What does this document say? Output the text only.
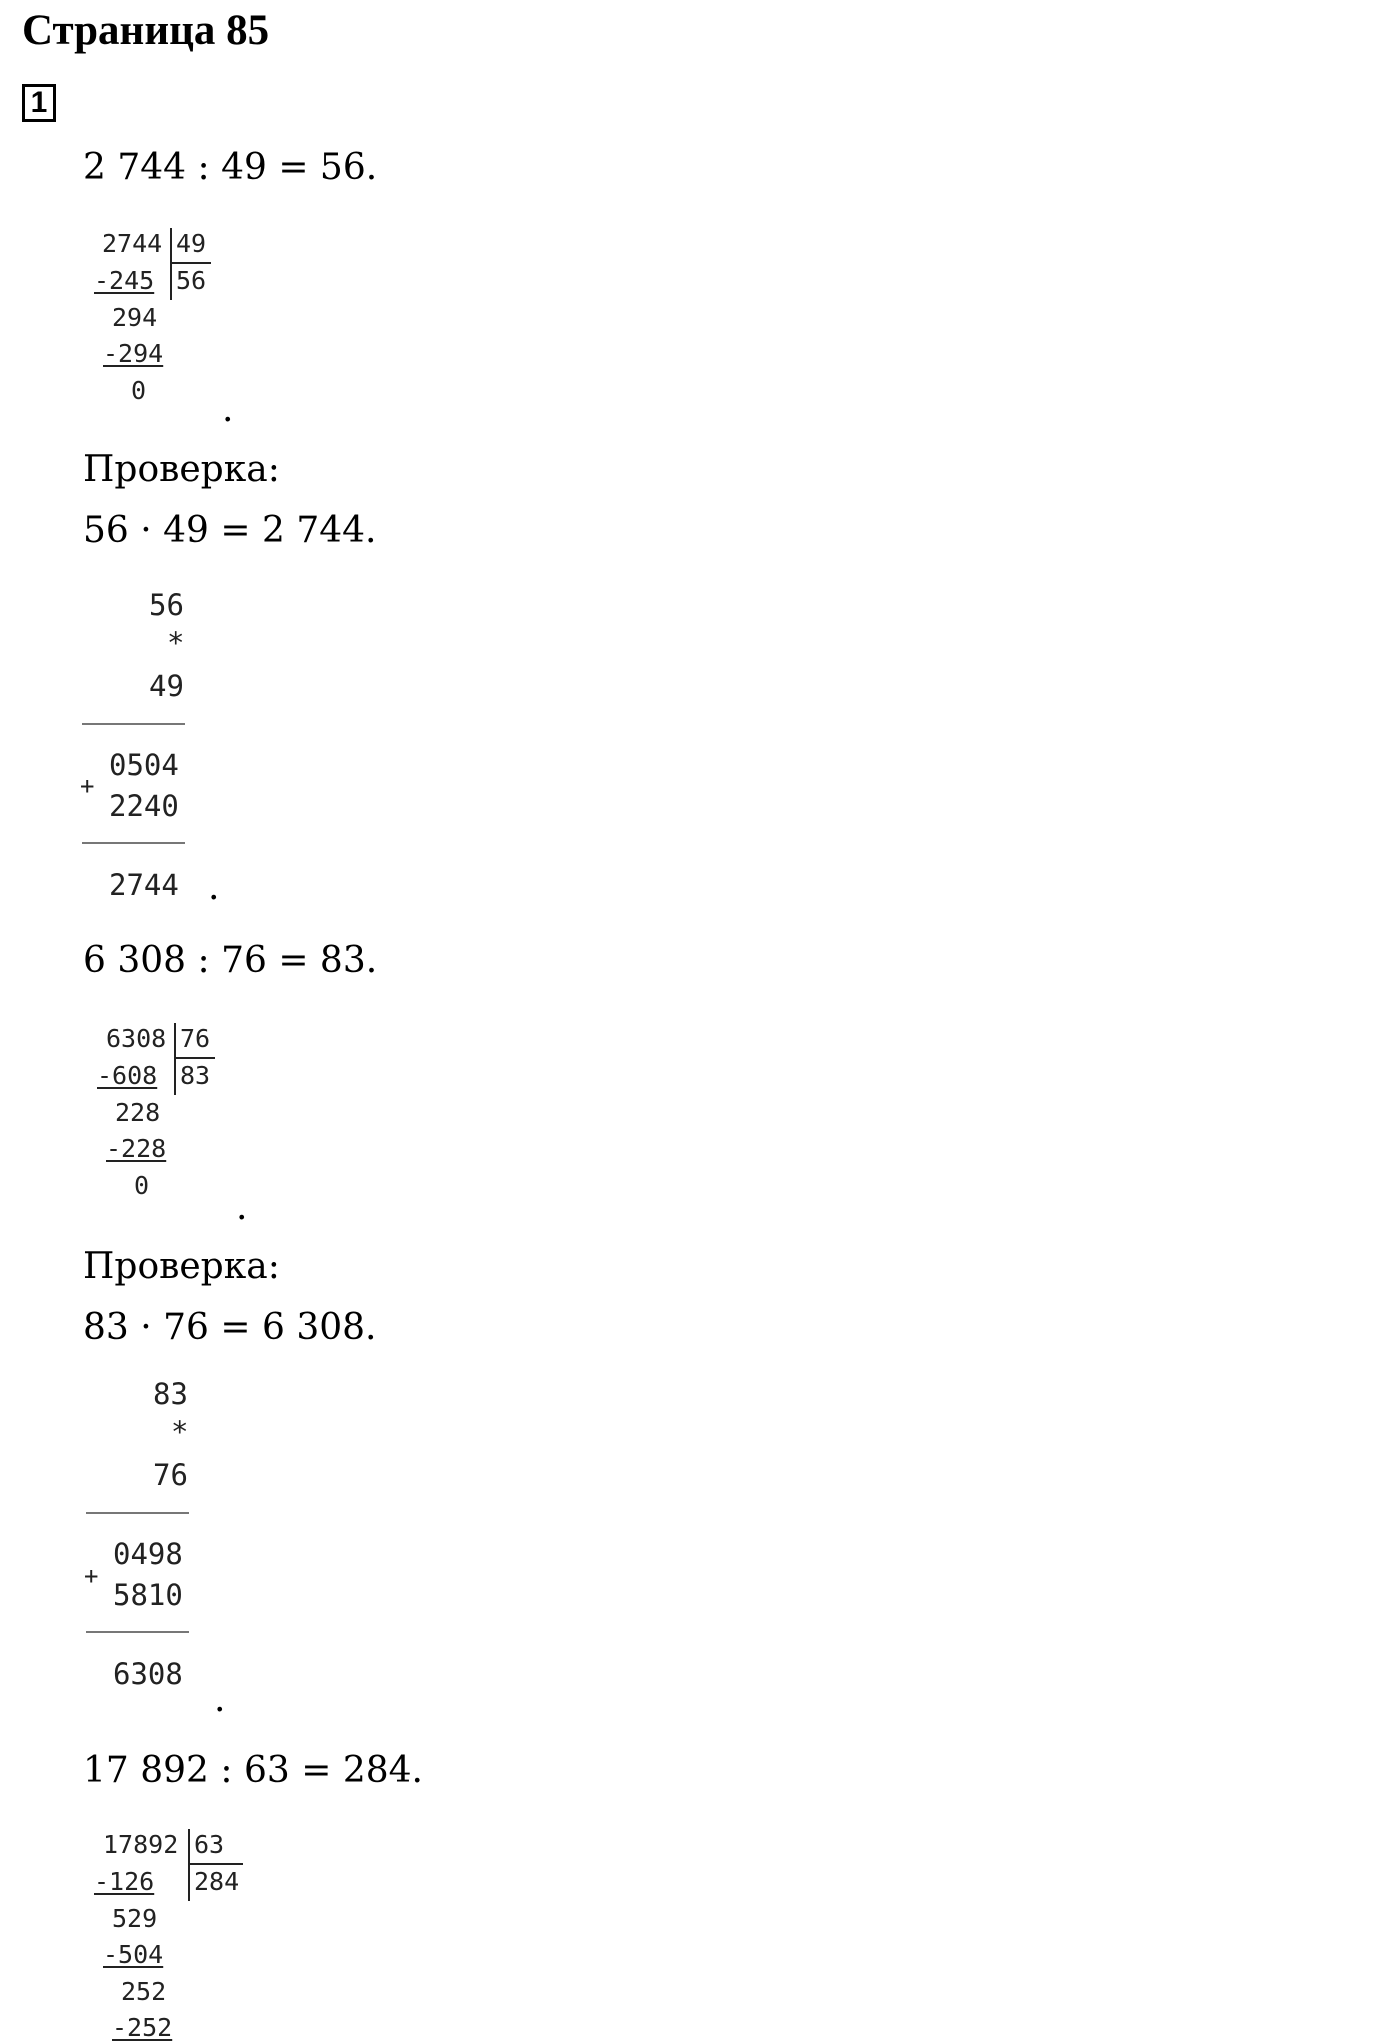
Страница 85
1
2 744 : 49 = 56.
2744 49
56
-245
294
-294
0 .
Проверка:
56 · 49 = 2 744.
56
*
49
0504
+
2240
2744 .
6 308 : 76 = 83.
6308 76
83
-608
228
-228
0
.
Проверка:
83 · 76 = 6 308.
83
*
76
0498
+
5810
6308
.
17 892 : 63 = 284.
17892 63
284
-126
529
-504
252
-252
